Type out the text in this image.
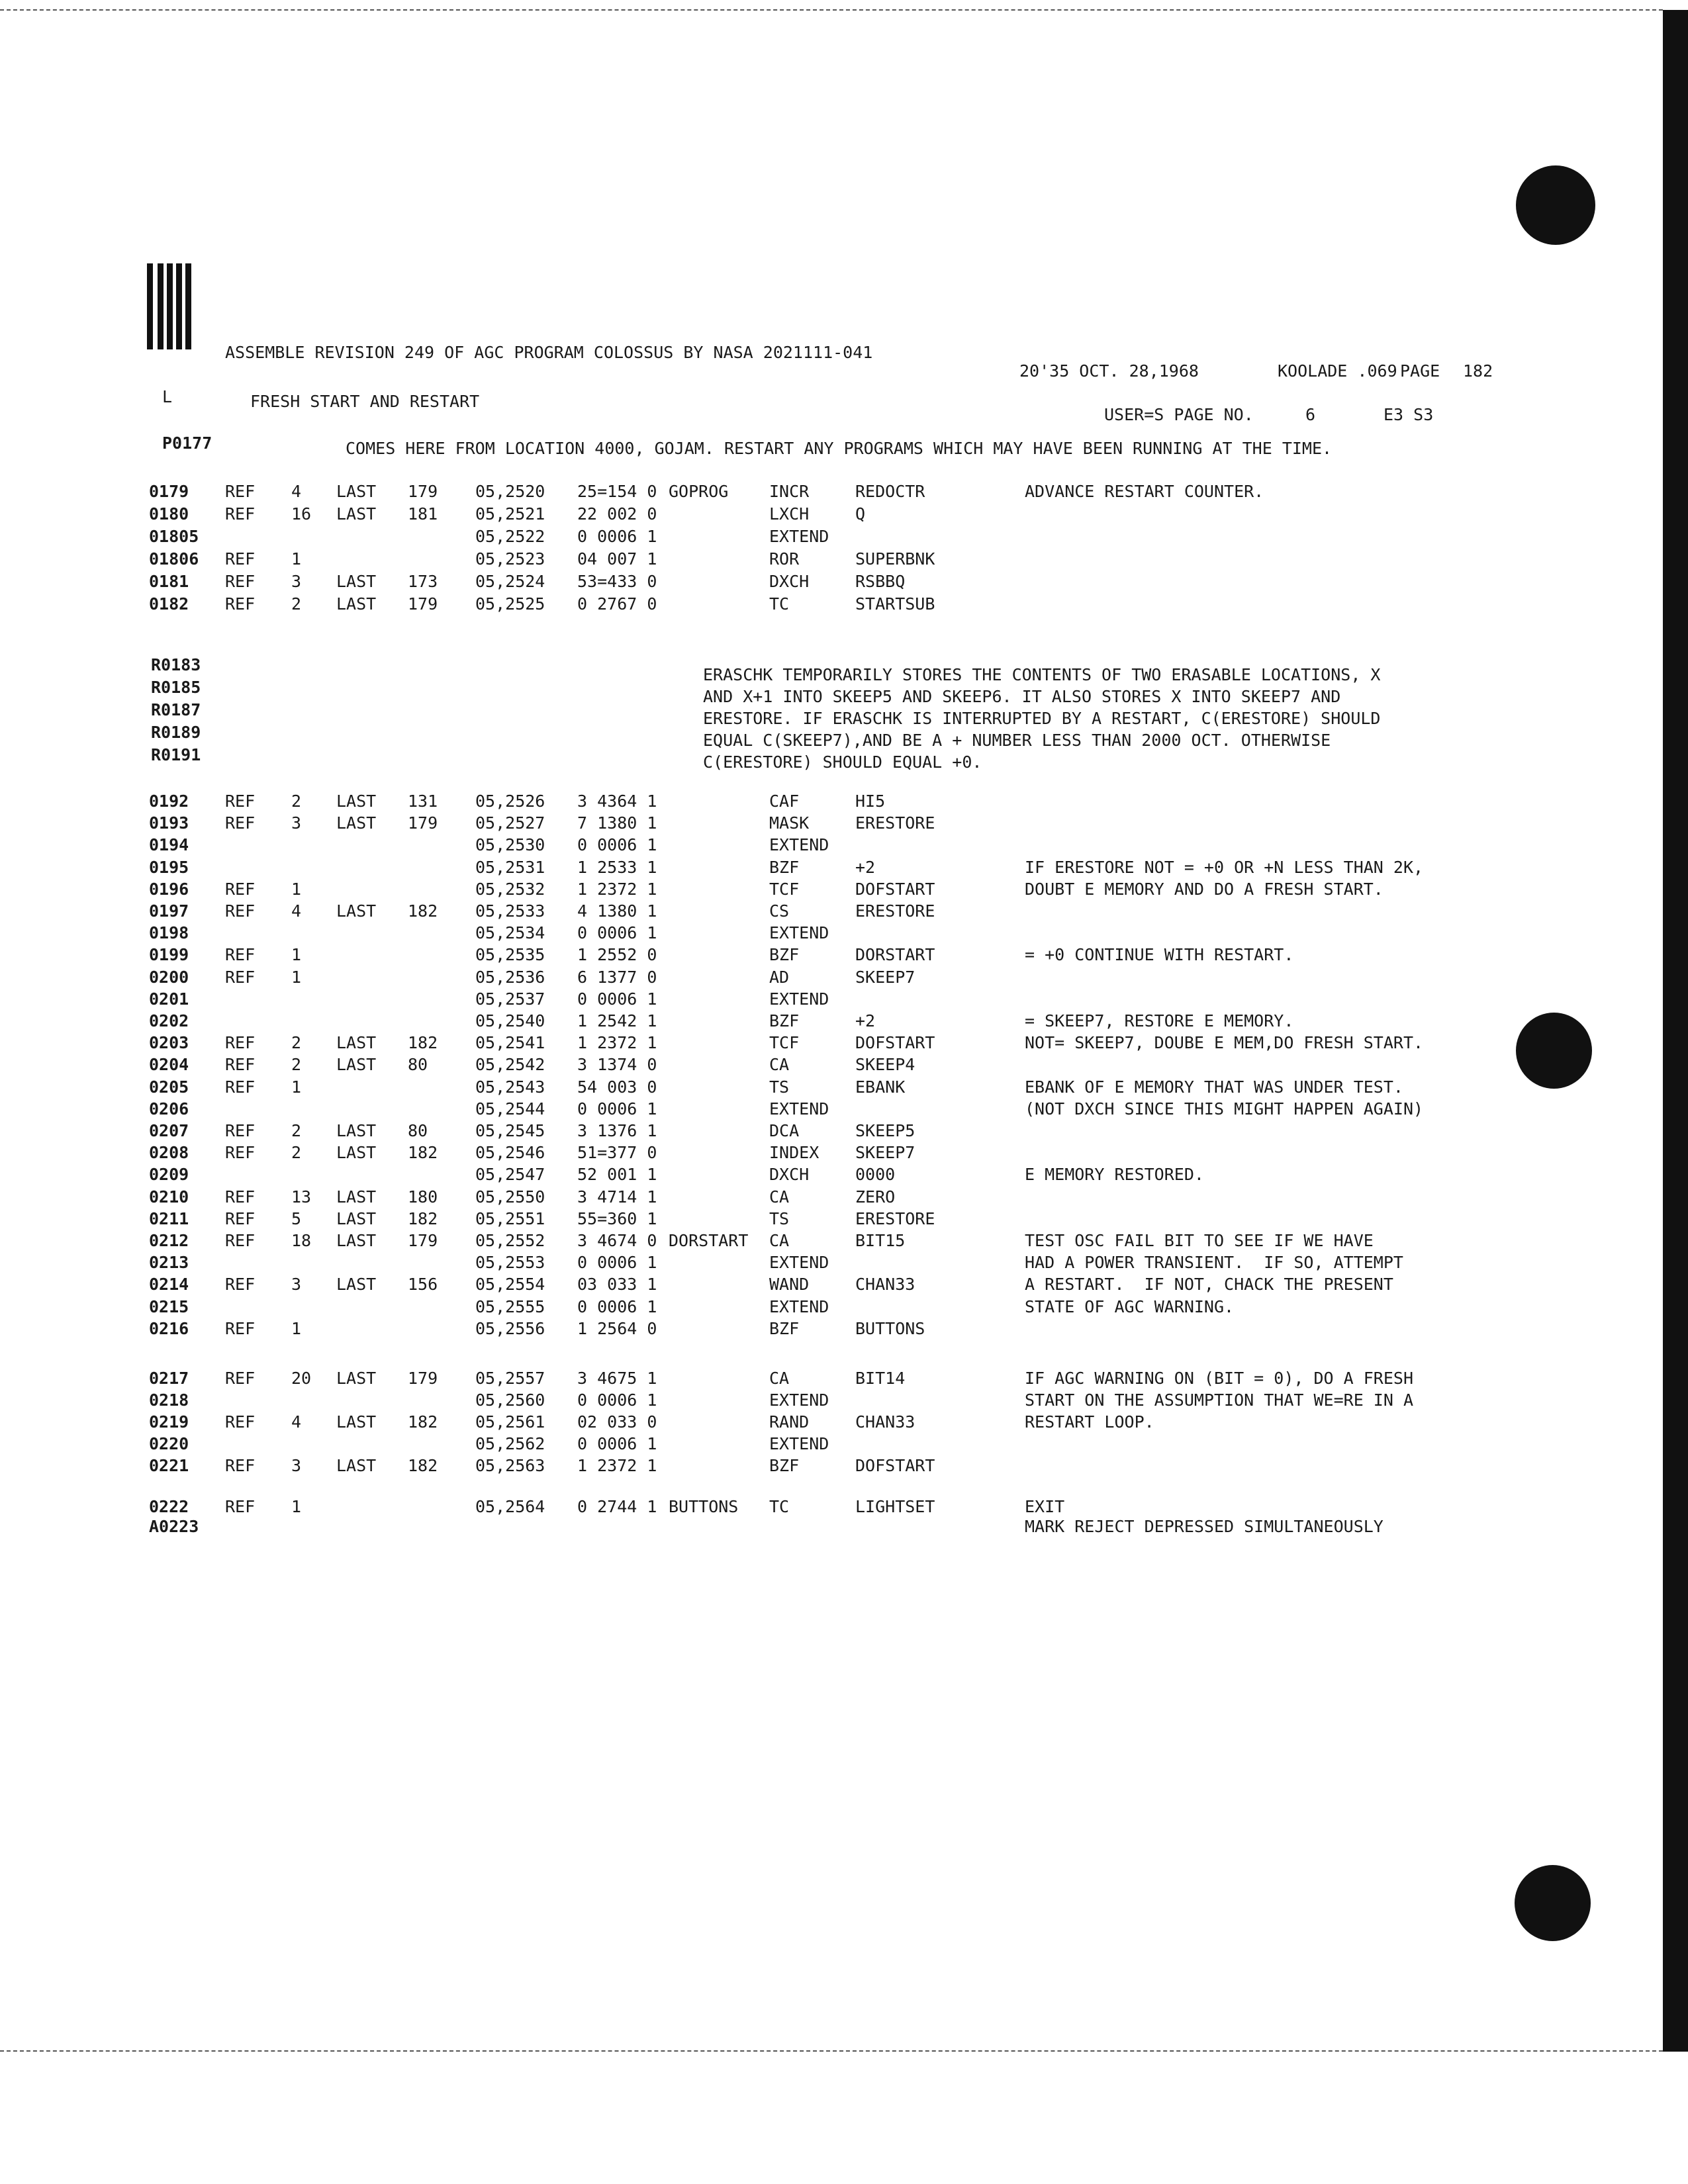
ASSEMBLE REVISION 249 OF AGC PROGRAM COLOSSUS BY NASA 2021111-041
20'35 OCT. 28,1968	KOOLADE .069 PAGE 182
L	FRESH START AND RESTART
USER=S PAGE NO.	6	E3 S3
P0177	COMES HERE FROM LOCATION 4000, GOJAM. RESTART ANY PROGRAMS WHICH MAY HAVE BEEN RUNNING AT THE TIME.
0179 REF 4 LAST 179 05,2520 25=154 0 GOPROG INCR	REDOCTR	ADVANCE RESTART COUNTER.
0180 REF 16 LAST 181 05,2521 22 002 0	LXCH	Q
01805	05,2522 0 0006 1	EXTEND
01806 REF 1	05,2523 04 007 1	ROR	SUPERBNK
0181 REF 3 LAST 173 05,2524 53=433 0	DXCH	RSBBQ
0182 REF 2 LAST 179 05,2525 0 2767 0	TC	STARTSUB
R0183
R0185
R0187
R0189
R0191
ERASCHK TEMPORARILY STORES THE CONTENTS OF TWO ERASABLE LOCATIONS, X
AND X+1 INTO SKEEP5 AND SKEEP6. IT ALSO STORES X INTO SKEEP7 AND
ERESTORE. IF ERASCHK IS INTERRUPTED BY A RESTART, C(ERESTORE) SHOULD
EQUAL C(SKEEP7),AND BE A + NUMBER LESS THAN 2000 OCT. OTHERWISE
C(ERESTORE) SHOULD EQUAL +0.
0192 REF 2 LAST 131 05,2526 3 4364 1	CAF	HI5
0193 REF 3 LAST 179 05,2527 7 1380 1	MASK	ERESTORE
0194	05,2530 0 0006 1	EXTEND
0195	05,2531 1 2533 1	BZF	+2	IF ERESTORE NOT = +0 OR +N LESS THAN 2K,
0196 REF 1	05,2532 1 2372 1	TCF	DOFSTART	DOUBT E MEMORY AND DO A FRESH START.
0197 REF 4 LAST 182 05,2533 4 1380 1	CS	ERESTORE
0198	05,2534 0 0006 1	EXTEND
0199 REF 1	05,2535 1 2552 0	BZF	DORSTART	= +0 CONTINUE WITH RESTART.
0200 REF 1	05,2536 6 1377 0	AD	SKEEP7
0201	05,2537 0 0006 1	EXTEND
0202	05,2540 1 2542 1	BZF	+2	= SKEEP7, RESTORE E MEMORY.
0203 REF 2 LAST 182 05,2541 1 2372 1	TCF	DOFSTART	NOT= SKEEP7, DOUBE E MEM,DO FRESH START.
0204 REF 2 LAST 80	05,2542 3 1374 0	CA	SKEEP4
0205 REF 1	05,2543 54 003 0	TS	EBANK	EBANK OF E MEMORY THAT WAS UNDER TEST.
0206	05,2544 0 0006 1	EXTEND	(NOT DXCH SINCE THIS MIGHT HAPPEN AGAIN)
0207 REF 2 LAST 80	05,2545 3 1376 1	DCA	SKEEP5
0208 REF 2 LAST 182 05,2546 51=377 0	INDEX SKEEP7
0209	05,2547 52 001 1	DXCH	0000	E MEMORY RESTORED.
0210 REF 13 LAST 180 05,2550 3 4714 1	CA	ZERO
0211 REF 5 LAST 182 05,2551 55=360 1	TS	ERESTORE
0212 REF 18 LAST 179 05,2552 3 4674 0 DORSTART CA	BIT15	TEST OSC FAIL BIT TO SEE IF WE HAVE
0213	05,2553 0 0006 1	EXTEND	HAD A POWER TRANSIENT.  IF SO, ATTEMPT
0214 REF 3 LAST 156 05,2554 03 033 1	WAND	CHAN33	A RESTART.  IF NOT, CHACK THE PRESENT
0215	05,2555 0 0006 1	EXTEND	STATE OF AGC WARNING.
0216 REF 1	05,2556 1 2564 0	BZF	BUTTONS
0217 REF 20 LAST 179 05,2557 3 4675 1	CA	BIT14	IF AGC WARNING ON (BIT = 0), DO A FRESH
0218	05,2560 0 0006 1	EXTEND	START ON THE ASSUMPTION THAT WE=RE IN A
0219 REF 4 LAST 182 05,2561 02 033 0	RAND	CHAN33	RESTART LOOP.
0220	05,2562 0 0006 1	EXTEND
0221 REF 3 LAST 182 05,2563 1 2372 1	BZF	DOFSTART
0222 REF 1	05,2564 0 2744 1 BUTTONS TC	LIGHTSET	EXIT
A0223	MARK REJECT DEPRESSED SIMULTANEOUSLY
